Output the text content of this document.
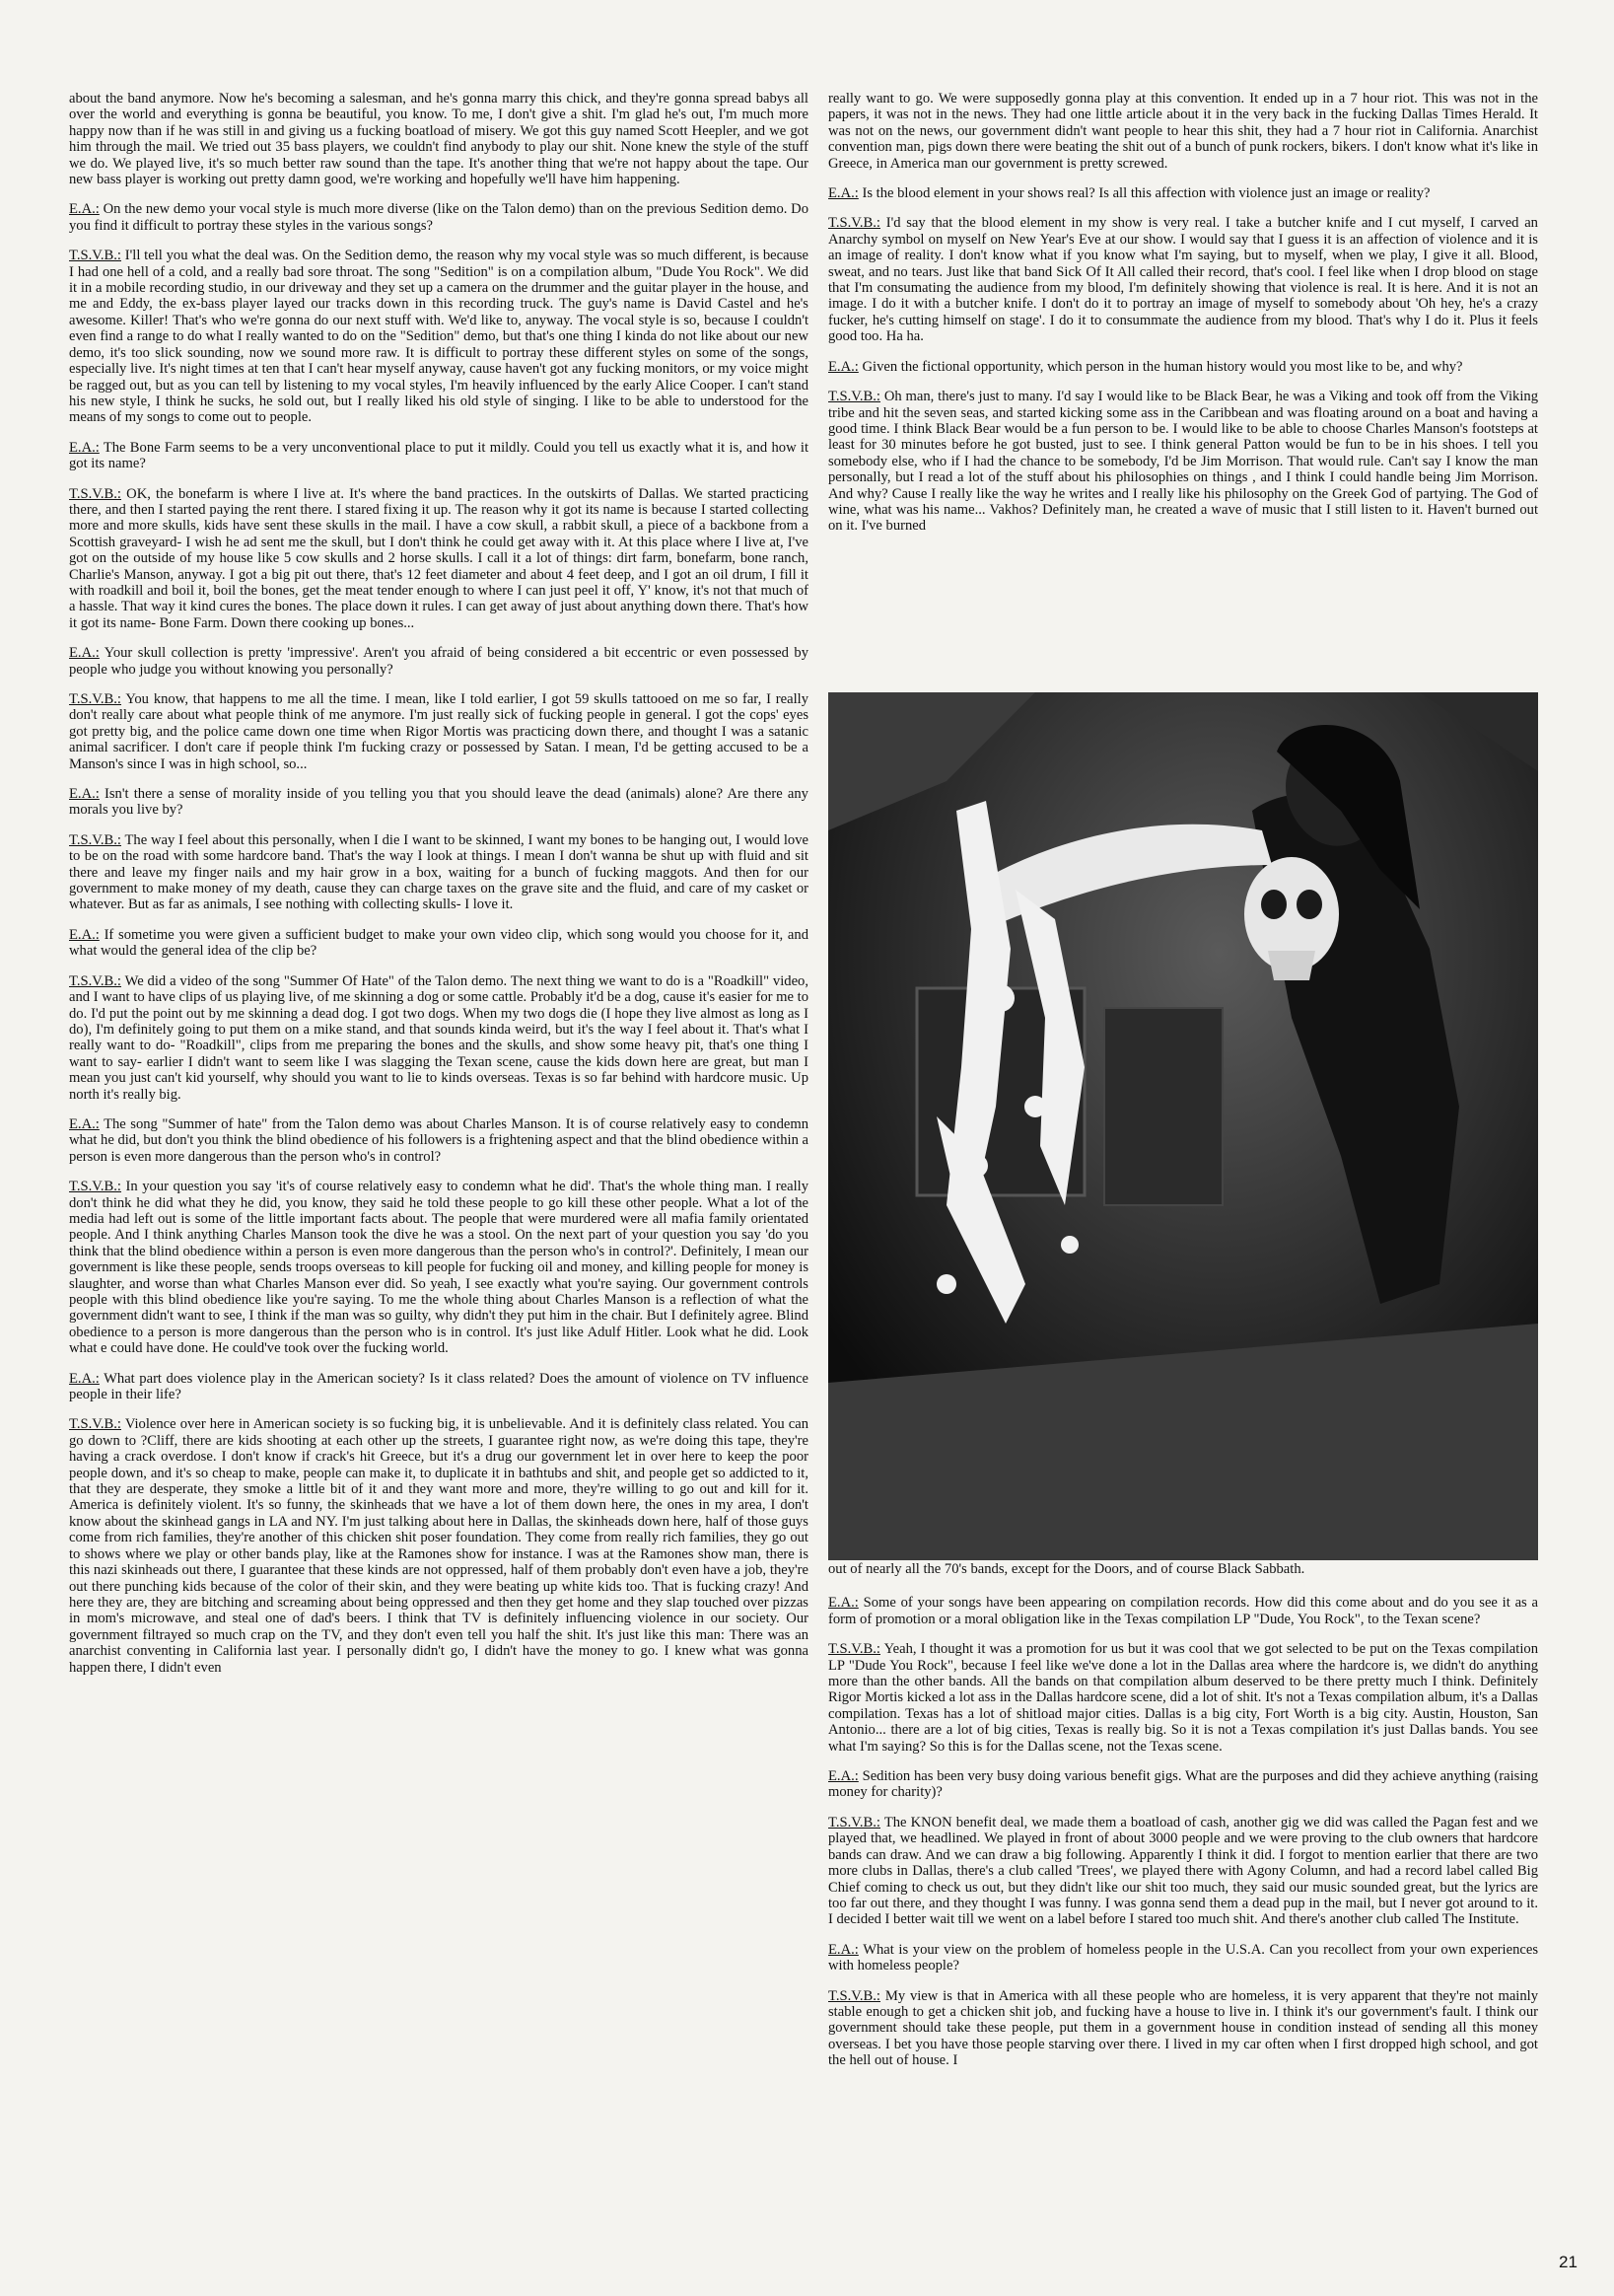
about the band anymore. Now he's becoming a salesman, and he's gonna marry this chick, and they're gonna spread babys all over the world and everything is gonna be beautiful, you know. To me, I don't give a shit. I'm glad he's out, I'm much more happy now than if he was still in and giving us a fucking boatload of misery. We got this guy named Scott Heepler, and we got him through the mail. We tried out 35 bass players, we couldn't find anybody to play our shit. None knew the style of the stuff we do. We played live, it's so much better raw sound than the tape. It's another thing that we're not happy about the tape. Our new bass player is working out pretty damn good, we're working and hopefully we'll have him happening.

E.A.: On the new demo your vocal style is much more diverse (like on the Talon demo) than on the previous Sedition demo. Do you find it difficult to portray these styles in the various songs?

T.S.V.B.: I'll tell you what the deal was. On the Sedition demo, the reason why my vocal style was so much different, is because I had one hell of a cold, and a really bad sore throat. The song "Sedition" is on a compilation album, "Dude You Rock". We did it in a mobile recording studio, in our driveway and they set up a camera on the drummer and the guitar player in the house, and me and Eddy, the ex-bass player layed our tracks down in this recording truck. The guy's name is David Castel and he's awesome. Killer! That's who we're gonna do our next stuff with. We'd like to, anyway. The vocal style is so, because I couldn't even find a range to do what I really wanted to do on the "Sedition" demo, but that's one thing I kinda do not like about our new demo, it's too slick sounding, now we sound more raw. It is difficult to portray these different styles on some of the songs, especially live. It's night times at ten that I can't hear myself anyway, cause haven't got any fucking monitors, or my voice might be ragged out, but as you can tell by listening to my vocal styles, I'm heavily influenced by the early Alice Cooper. I can't stand his new style, I think he sucks, he sold out, but I really liked his old style of singing. I like to be able to understood for the means of my songs to come out to people.

E.A.: The Bone Farm seems to be a very unconventional place to put it mildly. Could you tell us exactly what it is, and how it got its name?

T.S.V.B.: OK, the bonefarm is where I live at. It's where the band practices. In the outskirts of Dallas. We started practicing there, and then I started paying the rent there. I stared fixing it up. The reason why it got its name is because I started collecting more and more skulls, kids have sent these skulls in the mail. I have a cow skull, a rabbit skull, a piece of a backbone from a Scottish graveyard- I wish he ad sent me the skull, but I don't think he could get away with it. At this place where I live at, I've got on the outside of my house like 5 cow skulls and 2 horse skulls. I call it a lot of things: dirt farm, bonefarm, bone ranch, Charlie's Manson, anyway. I got a big pit out there, that's 12 feet diameter and about 4 feet deep, and I got an oil drum, I fill it with roadkill and boil it, boil the bones, get the meat tender enough to where I can just peel it off, Y' know, it's not that much of a hassle. That way it kind cures the bones. The place down it rules. I can get away of just about anything down there. That's how it got its name- Bone Farm. Down there cooking up bones...

E.A.: Your skull collection is pretty 'impressive'. Aren't you afraid of being considered a bit eccentric or even possessed by people who judge you without knowing you personally?

T.S.V.B.: You know, that happens to me all the time. I mean, like I told earlier, I got 59 skulls tattooed on me so far, I really don't really care about what people think of me anymore. I'm just really sick of fucking people in general. I got the cops' eyes got pretty big, and the police came down one time when Rigor Mortis was practicing down there, and thought I was a satanic animal sacrificer. I don't care if people think I'm fucking crazy or possessed by Satan. I mean, I'd be getting accused to be a Manson's since I was in high school, so...

E.A.: Isn't there a sense of morality inside of you telling you that you should leave the dead (animals) alone? Are there any morals you live by?

T.S.V.B.: The way I feel about this personally, when I die I want to be skinned, I want my bones to be hanging out, I would love to be on the road with some hardcore band. That's the way I look at things. I mean I don't wanna be shut up with fluid and sit there and leave my finger nails and my hair grow in a box, waiting for a bunch of fucking maggots. And then for our government to make money of my death, cause they can charge taxes on the grave site and the fluid, and care of my casket or whatever. But as far as animals, I see nothing with collecting skulls- I love it.

E.A.: If sometime you were given a sufficient budget to make your own video clip, which song would you choose for it, and what would the general idea of the clip be?

T.S.V.B.: We did a video of the song "Summer Of Hate" of the Talon demo. The next thing we want to do is a "Roadkill" video, and I want to have clips of us playing live, of me skinning a dog or some cattle. Probably it'd be a dog, cause it's easier for me to do. I'd put the point out by me skinning a dead dog. I got two dogs. When my two dogs die (I hope they live almost as long as I do), I'm definitely going to put them on a mike stand, and that sounds kinda weird, but it's the way I feel about it. That's what I really want to do- "Roadkill", clips from me preparing the bones and the skulls, and show some heavy pit, that's one thing I want to say- earlier I didn't want to seem like I was slagging the Texan scene, cause the kids down here are great, but man I mean you just can't kid yourself, why should you want to lie to kinds overseas. Texas is so far behind with hardcore music. Up north it's really big.

E.A.: The song "Summer of hate" from the Talon demo was about Charles Manson. It is of course relatively easy to condemn what he did, but don't you think the blind obedience of his followers is a frightening aspect and that the blind obedience within a person is even more dangerous than the person who's in control?

T.S.V.B.: In your question you say 'it's of course relatively easy to condemn what he did'. That's the whole thing man. I really don't think he did what they he did, you know, they said he told these people to go kill these other people. What a lot of the media had left out is some of the little important facts about. The people that were murdered were all mafia family orientated people. And I think anything Charles Manson took the dive he was a stool. On the next part of your question you say 'do you think that the blind obedience within a person is even more dangerous than the person who's in control?'. Definitely, I mean our government is like these people, sends troops overseas to kill people for fucking oil and money, and killing people for money is slaughter, and worse than what Charles Manson ever did. So yeah, I see exactly what you're saying. Our government controls people with this blind obedience like you're saying. To me the whole thing about Charles Manson is a reflection of what the government didn't want to see, I think if the man was so guilty, why didn't they put him in the chair. But I definitely agree. Blind obedience to a person is more dangerous than the person who is in control. It's just like Adulf Hitler. Look what he did. Look what e could have done. He could've took over the fucking world.

E.A.: What part does violence play in the American society? Is it class related? Does the amount of violence on TV influence people in their life?

T.S.V.B.: Violence over here in American society is so fucking big, it is unbelievable. And it is definitely class related. You can go down to ?Cliff, there are kids shooting at each other up the streets, I guarantee right now, as we're doing this tape, they're having a crack overdose. I don't know if crack's hit Greece, but it's a drug our government let in over here to keep the poor people down, and it's so cheap to make, people can make it, to duplicate it in bathtubs and shit, and people get so addicted to it, that they are desperate, they smoke a little bit of it and they want more and more, they're willing to go out and kill for it. America is definitely violent. It's so funny, the skinheads that we have a lot of them down here, the ones in my area, I don't know about the skinhead gangs in LA and NY. I'm just talking about here in Dallas, the skinheads down here, half of those guys come from rich families, they're another of this chicken shit poser foundation. They come from really rich families, they go out to shows where we play or other bands play, like at the Ramones show for instance. I was at the Ramones show man, there is this nazi skinheads out there, I guarantee that these kinds are not oppressed, half of them probably don't even have a job, they're out there punching kids because of the color of their skin, and they were beating up white kids too. That is fucking crazy! And here they are, they are bitching and screaming about being oppressed and then they get home and they slap touched over pizzas in mom's microwave, and steal one of dad's beers. I think that TV is definitely influencing violence in our society. Our government filtrayed so much crap on the TV, and they don't even tell you half the shit. It's just like this man: There was an anarchist conventing in California last year. I personally didn't go, I didn't have the money to go. I knew what was gonna happen there, I didn't even

really want to go. We were supposedly gonna play at this convention. It ended up in a 7 hour riot. This was not in the papers, it was not in the news. They had one little article about it in the very back in the fucking Dallas Times Herald. It was not on the news, our government didn't want people to hear this shit, they had a 7 hour riot in California. Anarchist convention man, pigs down there were beating the shit out of a bunch of punk rockers, bikers. I don't know what it's like in Greece, in America man our government is pretty screwed.

E.A.: Is the blood element in your shows real? Is all this affection with violence just an image or reality?

T.S.V.B.: I'd say that the blood element in my show is very real. I take a butcher knife and I cut myself, I carved an Anarchy symbol on myself on New Year's Eve at our show. I would say that I guess it is an affection of violence and it is an image of reality. I don't know what if you know what I'm saying, but to myself, when we play, I give it all. Blood, sweat, and no tears. Just like that band Sick Of It All called their record, that's cool. I feel like when I drop blood on stage that I'm consumating the audience from my blood, I'm definitely showing that violence is real. It is here. And it is not an image. I do it with a butcher knife. I don't do it to portray an image of myself to somebody about 'Oh hey, he's a crazy fucker, he's cutting himself on stage'. I do it to consummate the audience from my blood. That's why I do it. Plus it feels good too. Ha ha.

E.A.: Given the fictional opportunity, which person in the human history would you most like to be, and why?

T.S.V.B.: Oh man, there's just to many. I'd say I would like to be Black Bear, he was a Viking and took off from the Viking tribe and hit the seven seas, and started kicking some ass in the Caribbean and was floating around on a boat and having a good time. I think Black Bear would be a fun person to be. I would like to be able to choose Charles Manson's footsteps at least for 30 minutes before he got busted, just to see. I think general Patton would be fun to be in his shoes. I tell you somebody else, who if I had the chance to be somebody, I'd be Jim Morrison. That would rule. Can't say I know the man personally, but I read a lot of the stuff about his philosophies on things , and I think I could handle being Jim Morrison. And why? Cause I really like the way he writes and I really like his philosophy on the Greek God of partying. The God of wine, what was his name... Vakhos? Definitely man, he created a wave of music that I still listen to it. Haven't burned out on it. I've burned

out of nearly all the 70's bands, except for the Doors, and of course Black Sabbath.

E.A.: Some of your songs have been appearing on compilation records. How did this come about and do you see it as a form of promotion or a moral obligation like in the Texas compilation LP "Dude, You Rock", to the Texan scene?

T.S.V.B.: Yeah, I thought it was a promotion for us but it was cool that we got selected to be put on the Texas compilation LP "Dude You Rock", because I feel like we've done a lot in the Dallas area where the hardcore is, we didn't do anything more than the other bands. All the bands on that compilation album deserved to be there pretty much I think. Definitely Rigor Mortis kicked a lot ass in the Dallas hardcore scene, did a lot of shit. It's not a Texas compilation album, it's a Dallas compilation. Texas has a lot of shitload major cities. Dallas is a big city, Fort Worth is a big city. Austin, Houston, San Antonio... there are a lot of big cities, Texas is really big. So it is not a Texas compilation it's just Dallas bands. You see what I'm saying? So this is for the Dallas scene, not the Texas scene.

E.A.: Sedition has been very busy doing various benefit gigs. What are the purposes and did they achieve anything (raising money for charity)?

T.S.V.B.: The KNON benefit deal, we made them a boatload of cash, another gig we did was called the Pagan fest and we played that, we headlined. We played in front of about 3000 people and we were proving to the club owners that hardcore bands can draw. And we can draw a big following. Apparently I think it did. I forgot to mention earlier that there are two more clubs in Dallas, there's a club called 'Trees', we played there with Agony Column, and had a record label called Big Chief coming to check us out, but they didn't like our shit too much, they said our music sounded great, but the lyrics are too far out there, and they thought I was funny. I was gonna send them a dead pup in the mail, but I never got around to it. I decided I better wait till we went on a label before I stared too much shit. And there's another club called The Institute.

E.A.: What is your view on the problem of homeless people in the U.S.A. Can you recollect from your own experiences with homeless people?

T.S.V.B.: My view is that in America with all these people who are homeless, it is very apparent that they're not mainly stable enough to get a chicken shit job, and fucking have a house to live in. I think it's our government's fault. I think our government should take these people, put them in a government house in condition instead of sending all this money overseas. I bet you have those people starving over there. I lived in my car often when I first dropped high school, and got the hell out of house. I

21
